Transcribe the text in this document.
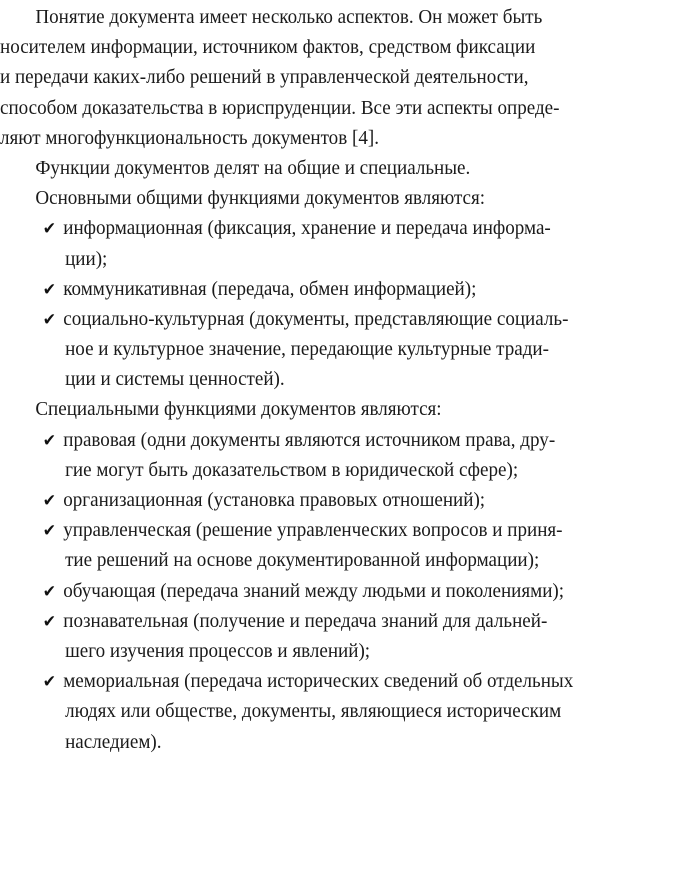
Понятие документа имеет несколько аспектов. Он может быть
носителем информации, источником фактов, средством фиксации
и передачи каких-либо решений в управленческой деятельности,
способом доказательства в юриспруденции. Все эти аспекты опреде-
ляют многофункциональность документов [4].
Функции документов делят на общие и специальные.
Основными общими функциями документов являются:
✔ информационная (фиксация, хранение и передача информа-
ции);
✔ коммуникативная (передача, обмен информацией);
✔ социально-культурная (документы, представляющие социаль-
ное и культурное значение, передающие культурные тради-
ции и системы ценностей).
Специальными функциями документов являются:
✔ правовая (одни документы являются источником права, дру-
гие могут быть доказательством в юридической сфере);
✔ организационная (установка правовых отношений);
✔ управленческая (решение управленческих вопросов и приня-
тие решений на основе документированной информации);
✔ обучающая (передача знаний между людьми и поколениями);
✔ познавательная (получение и передача знаний для дальней-
шего изучения процессов и явлений);
✔ мемориальная (передача исторических сведений об отдельных
людях или обществе, документы, являющиеся историческим
наследием).
